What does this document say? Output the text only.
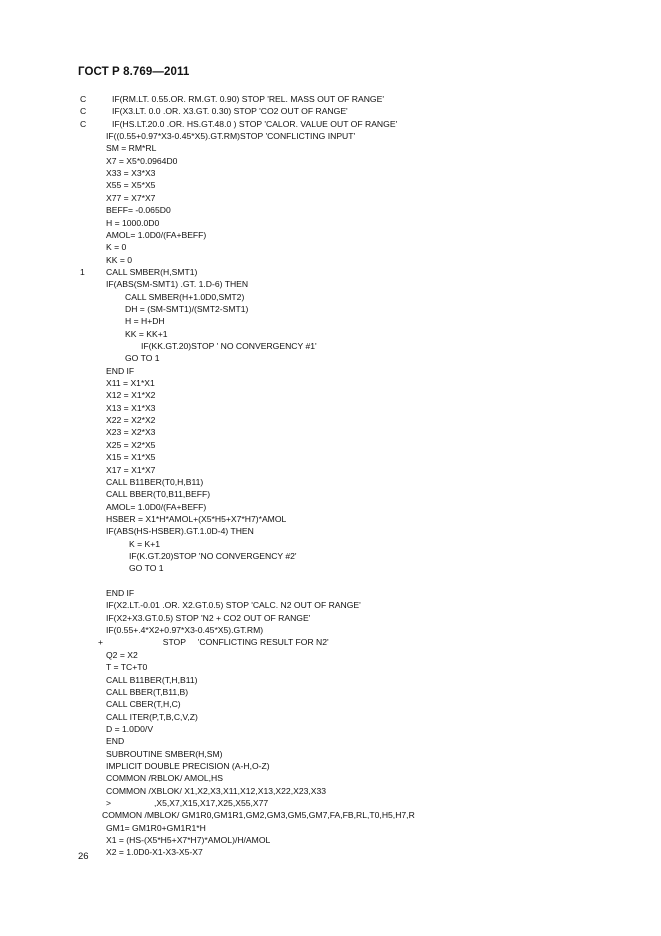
ГОСТ Р 8.769—2011
C	IF(RM.LT. 0.55.OR. RM.GT. 0.90) STOP 'REL. MASS OUT OF RANGE'
C	IF(X3.LT. 0.0 .OR. X3.GT. 0.30) STOP 'CO2 OUT OF RANGE'
C	IF(HS.LT.20.0 .OR. HS.GT.48.0 ) STOP 'CALOR. VALUE OUT OF RANGE'
IF((0.55+0.97*X3-0.45*X5).GT.RM)STOP 'CONFLICTING INPUT'
SM = RM*RL
X7 = X5*0.0964D0
X33 = X3*X3
X55 = X5*X5
X77 = X7*X7
BEFF= -0.065D0
H = 1000.0D0
AMOL= 1.0D0/(FA+BEFF)
K = 0
KK = 0
1 CALL SMBER(H,SMT1)
IF(ABS(SM-SMT1) .GT. 1.D-6) THEN
CALL SMBER(H+1.0D0,SMT2)
DH = (SM-SMT1)/(SMT2-SMT1)
H = H+DH
KK = KK+1
IF(KK.GT.20)STOP ' NO CONVERGENCY #1'
GO TO 1
END IF
X11 = X1*X1
X12 = X1*X2
X13 = X1*X3
X22 = X2*X2
X23 = X2*X3
X25 = X2*X5
X15 = X1*X5
X17 = X1*X7
CALL B11BER(T0,H,B11)
CALL BBER(T0,B11,BEFF)
AMOL= 1.0D0/(FA+BEFF)
HSBER = X1*H*AMOL+(X5*H5+X7*H7)*AMOL
IF(ABS(HS-HSBER).GT.1.0D-4) THEN
K = K+1
IF(K.GT.20)STOP 'NO CONVERGENCY #2'
GO TO 1
END IF
IF(X2.LT.-0.01 .OR. X2.GT.0.5) STOP 'CALC. N2 OUT OF RANGE'
IF(X2+X3.GT.0.5) STOP 'N2 + CO2 OUT OF RANGE'
IF(0.55+.4*X2+0.97*X3-0.45*X5).GT.RM)
+                         STOP     'CONFLICTING RESULT FOR N2'
Q2 = X2
T = TC+T0
CALL B11BER(T,H,B11)
CALL BBER(T,B11,B)
CALL CBER(T,H,C)
CALL ITER(P,T,B,C,V,Z)
D = 1.0D0/V
END
SUBROUTINE SMBER(H,SM)
IMPLICIT DOUBLE PRECISION (A-H,O-Z)
COMMON /RBLOK/ AMOL,HS
COMMON /XBLOK/ X1,X2,X3,X11,X12,X13,X22,X23,X33
>                  ,X5,X7,X15,X17,X25,X55,X77
COMMON /MBLOK/ GM1R0,GM1R1,GM2,GM3,GM5,GM7,FA,FB,RL,T0,H5,H7,R
GM1= GM1R0+GM1R1*H
X1 = (HS-(X5*H5+X7*H7)*AMOL)/H/AMOL
X2 = 1.0D0-X1-X3-X5-X7
26
